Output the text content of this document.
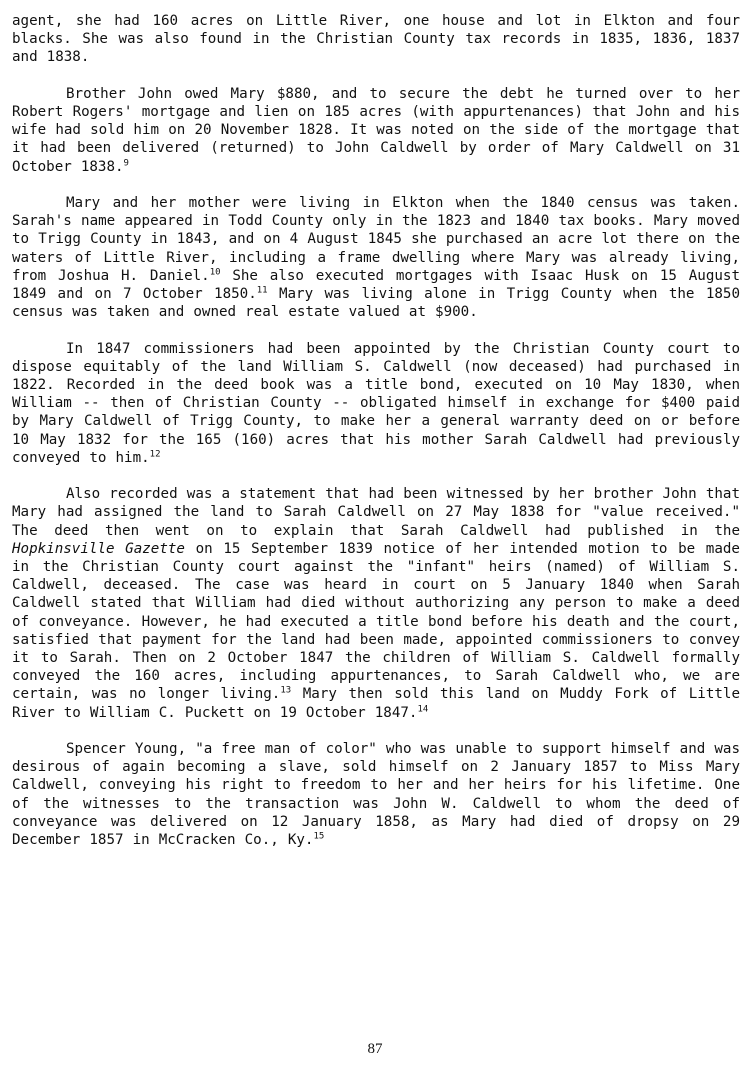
agent, she had 160 acres on Little River, one house and lot in Elkton and four blacks. She was also found in the Christian County tax records in 1835, 1836, 1837 and 1838.

Brother John owed Mary $880, and to secure the debt he turned over to her Robert Rogers' mortgage and lien on 185 acres (with appurtenances) that John and his wife had sold him on 20 November 1828. It was noted on the side of the mortgage that it had been delivered (returned) to John Caldwell by order of Mary Caldwell on 31 October 1838.$^9$

Mary and her mother were living in Elkton when the 1840 census was taken. Sarah's name appeared in Todd County only in the 1823 and 1840 tax books. Mary moved to Trigg County in 1843, and on 4 August 1845 she purchased an acre lot there on the waters of Little River, including a frame dwelling where Mary was already living, from Joshua H. Daniel.$^{10}$ She also executed mortgages with Isaac Husk on 15 August 1849 and on 7 October 1850.11 Mary was living alone in Trigg County when the 1850 census was taken and owned real estate valued at $900.

In 1847 commissioners had been appointed by the Christian County court to dispose equitably of the land William S. Caldwell (now deceased) had purchased in 1822. Recorded in the deed book was a title bond, executed on 10 May 1830, when William -- then of Christian County -- obligated himself in exchange for $400 paid by Mary Caldwell of Trigg County, to make her a general warranty deed on or before 10 May 1832 for the 165 (160) acres that his mother Sarah Caldwell had previously conveyed to him.$^{12}$

Also recorded was a statement that had been witnessed by her brother John that Mary had assigned the land to Sarah Caldwell on 27 May 1838 for "value received." The deed then went on to explain that Sarah Caldwell had published in the Hopkinsville Gazette on 15 September 1839 notice of her intended motion to be made in the Christian County court against the "infant" heirs (named) of William S. Caldwell, deceased. The case was heard in court on 5 January 1840 when Sarah Caldwell stated that William had died without authorizing any person to make a deed of conveyance. However, he had executed a title bond before his death and the court, satisfied that payment for the land had been made, appointed commissioners to convey it to Sarah. Then on 2 October 1847 the children of William S. Caldwell formally conveyed the 160 acres, including appurtenances, to Sarah Caldwell who, we are certain, was no longer living.$^{13}$ Mary then sold this land on Muddy Fork of Little River to William C. Puckett on 19 October 1847.14

Spencer Young, "a free man of color" who was unable to support himself and was desirous of again becoming a slave, sold himself on 2 January 1857 to Miss Mary Caldwell, conveying his right to freedom to her and her heirs for his lifetime. One of the witnesses to the transaction was John W. Caldwell to whom the deed of conveyance was delivered on 12 January 1858, as Mary had died of dropsy on 29 December 1857 in McCracken Co., Ky.$^{15}$

87
